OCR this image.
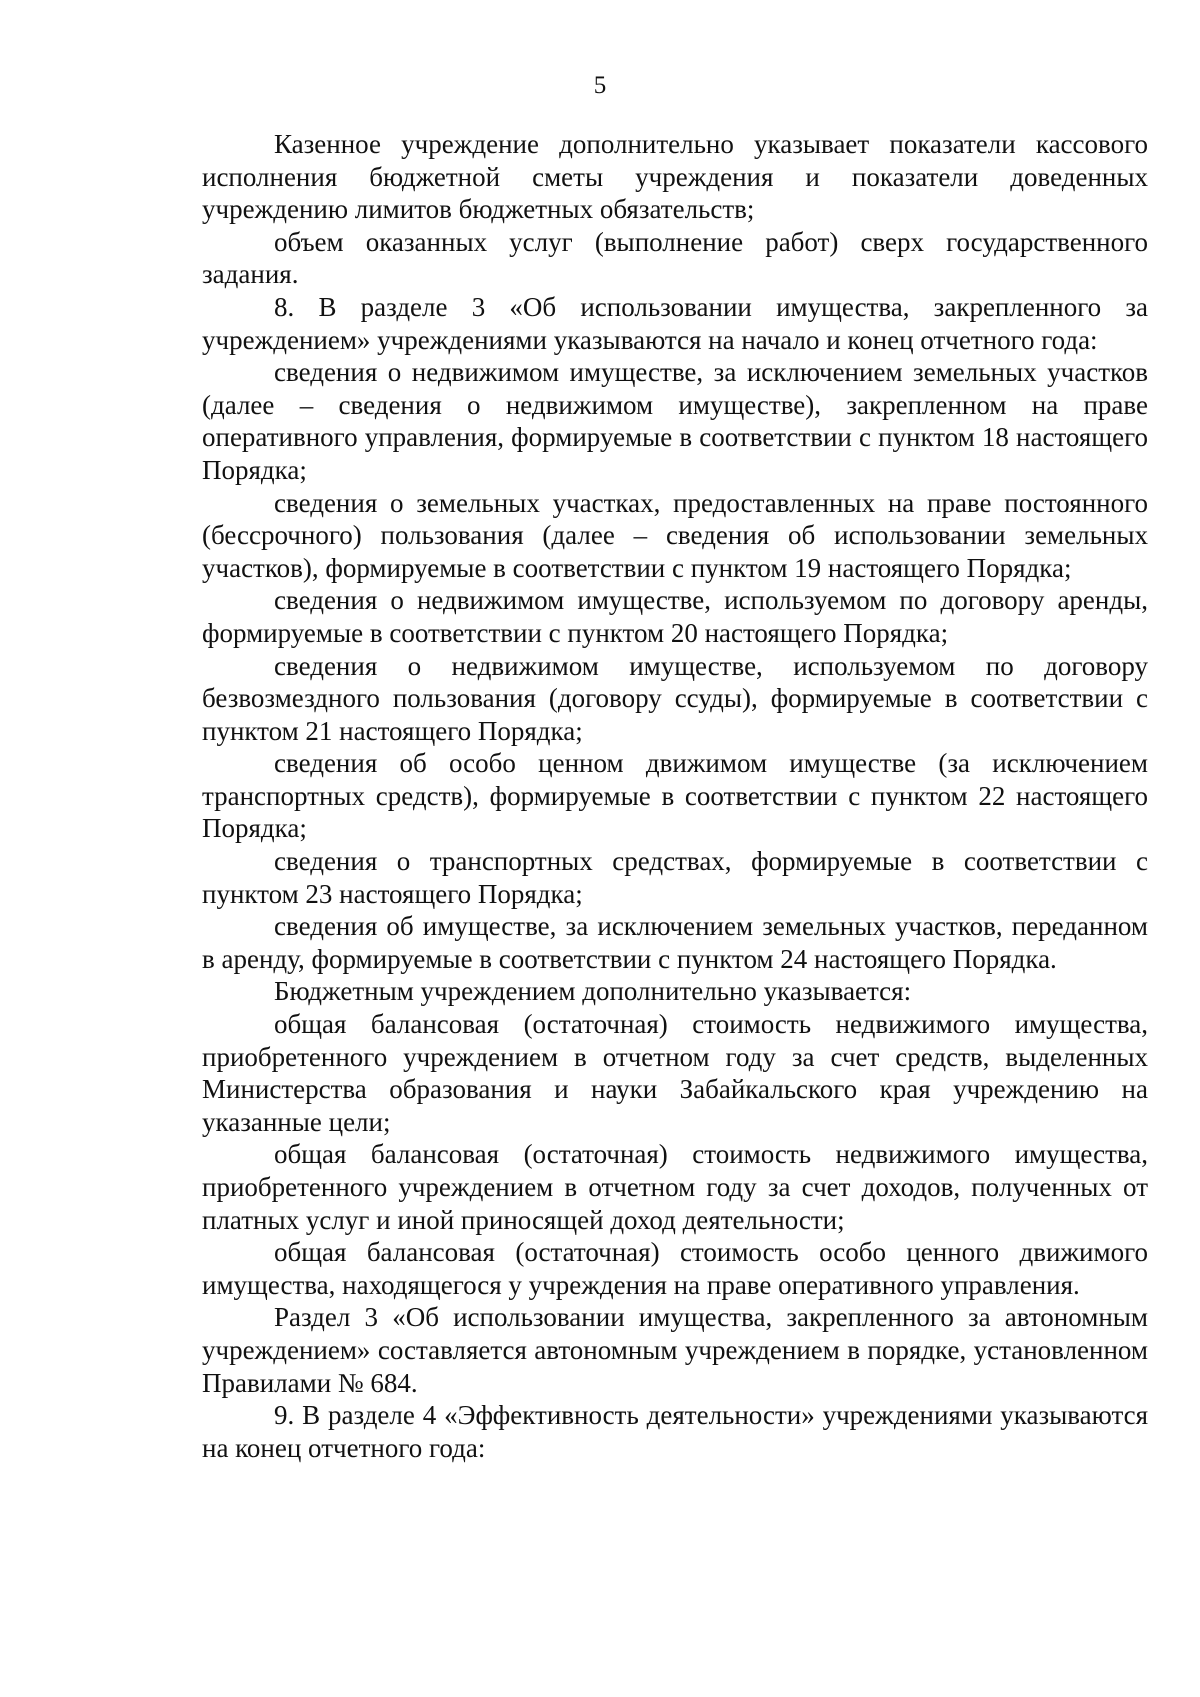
5

Казенное учреждение дополнительно указывает показатели кассового исполнения бюджетной сметы учреждения и показатели доведенных учреждению лимитов бюджетных обязательств;

объем оказанных услуг (выполнение работ) сверх государственного задания.

8. В разделе 3 «Об использовании имущества, закрепленного за учреждением» учреждениями указываются на начало и конец отчетного года:

сведения о недвижимом имуществе, за исключением земельных участков (далее – сведения о недвижимом имуществе), закрепленном на праве оперативного управления, формируемые в соответствии с пунктом 18 настоящего Порядка;

сведения о земельных участках, предоставленных на праве постоянного (бессрочного) пользования (далее – сведения об использовании земельных участков), формируемые в соответствии с пунктом 19 настоящего Порядка;

сведения о недвижимом имуществе, используемом по договору аренды, формируемые в соответствии с пунктом 20 настоящего Порядка;

сведения о недвижимом имуществе, используемом по договору безвозмездного пользования (договору ссуды), формируемые в соответствии с пунктом 21 настоящего Порядка;

сведения об особо ценном движимом имуществе (за исключением транспортных средств), формируемые в соответствии с пунктом 22 настоящего Порядка;

сведения о транспортных средствах, формируемые в соответствии с пунктом 23 настоящего Порядка;

сведения об имуществе, за исключением земельных участков, переданном в аренду, формируемые в соответствии с пунктом 24 настоящего Порядка.

Бюджетным учреждением дополнительно указывается:

общая балансовая (остаточная) стоимость недвижимого имущества, приобретенного учреждением в отчетном году за счет средств, выделенных Министерства образования и науки Забайкальского края учреждению на указанные цели;

общая балансовая (остаточная) стоимость недвижимого имущества, приобретенного учреждением в отчетном году за счет доходов, полученных от платных услуг и иной приносящей доход деятельности;

общая балансовая (остаточная) стоимость особо ценного движимого имущества, находящегося у учреждения на праве оперативного управления.

Раздел 3 «Об использовании имущества, закрепленного за автономным учреждением» составляется автономным учреждением в порядке, установленном Правилами № 684.

9. В разделе 4 «Эффективность деятельности» учреждениями указываются на конец отчетного года:
